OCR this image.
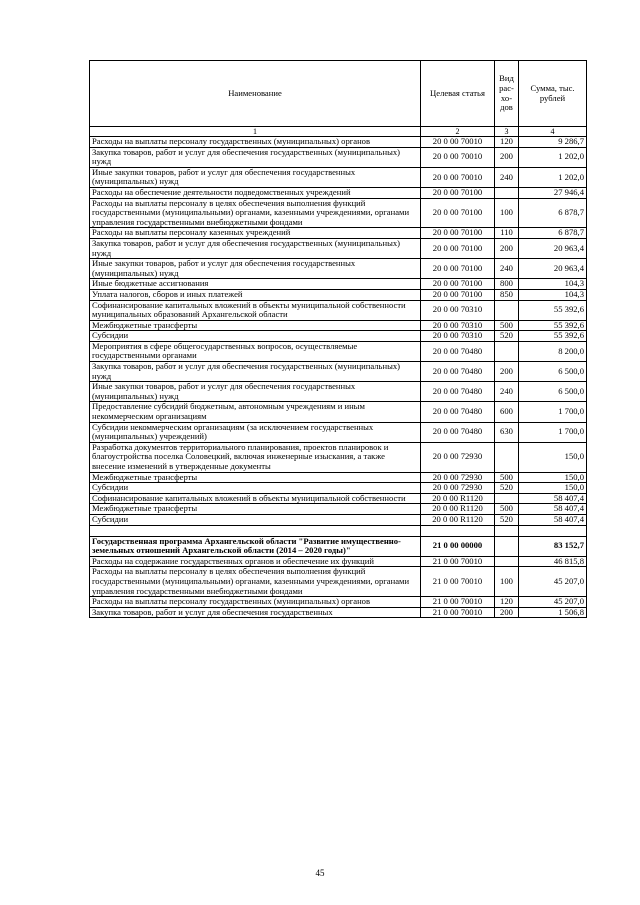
Наименование	Целевая статья	Вид рас-хо-дов	Сумма, тыс. рублей
1	2	3	4
Расходы на выплаты персоналу государственных (муниципальных) органов	20 0 00 70010	120	9 286,7
Закупка товаров, работ и услуг для обеспечения государственных (муниципальных) нужд	20 0 00 70010	200	1 202,0
Иные закупки товаров, работ и услуг для обеспечения государственных (муниципальных) нужд	20 0 00 70010	240	1 202,0
Расходы на обеспечение деятельности подведомственных учреждений	20 0 00 70100		27 946,4
Расходы на выплаты персоналу в целях обеспечения выполнения функций государственными (муниципальными) органами, казенными учреждениями, органами управления государственными внебюджетными фондами	20 0 00 70100	100	6 878,7
Расходы на выплаты персоналу казенных учреждений	20 0 00 70100	110	6 878,7
Закупка товаров, работ и услуг для обеспечения государственных (муниципальных) нужд	20 0 00 70100	200	20 963,4
Иные закупки товаров, работ и услуг для обеспечения государственных (муниципальных) нужд	20 0 00 70100	240	20 963,4
Иные бюджетные ассигнования	20 0 00 70100	800	104,3
Уплата налогов, сборов и иных платежей	20 0 00 70100	850	104,3
Софинансирование капитальных вложений в объекты муниципальной собственности муниципальных образований Архангельской области	20 0 00 70310		55 392,6
Межбюджетные трансферты	20 0 00 70310	500	55 392,6
Субсидии	20 0 00 70310	520	55 392,6
Мероприятия в сфере общегосударственных вопросов, осуществляемые государственными органами	20 0 00 70480		8 200,0
Закупка товаров, работ и услуг для обеспечения государственных (муниципальных) нужд	20 0 00 70480	200	6 500,0
Иные закупки товаров, работ и услуг для обеспечения государственных (муниципальных) нужд	20 0 00 70480	240	6 500,0
Предоставление субсидий бюджетным, автономным учреждениям и иным некоммерческим организациям	20 0 00 70480	600	1 700,0
Субсидии некоммерческим организациям (за исключением государственных (муниципальных) учреждений)	20 0 00 70480	630	1 700,0
Разработка документов территориального планирования, проектов планировок и благоустройства поселка Соловецкий, включая инженерные изыскания, а также внесение изменений в утвержденные документы	20 0 00 72930		150,0
Межбюджетные трансферты	20 0 00 72930	500	150,0
Субсидии	20 0 00 72930	520	150,0
Софинансирование капитальных вложений в объекты муниципальной собственности	20 0 00 R1120		58 407,4
Межбюджетные трансферты	20 0 00 R1120	500	58 407,4
Субсидии	20 0 00 R1120	520	58 407,4

Государственная программа Архангельской области "Развитие имущественно-земельных отношений Архангельской области (2014 – 2020 годы)"	21 0 00 00000		83 152,7
Расходы на содержание государственных органов и обеспечение их функций	21 0 00 70010		46 815,8
Расходы на выплаты персоналу в целях обеспечения выполнения функций государственными (муниципальными) органами, казенными учреждениями, органами управления государственными внебюджетными фондами	21 0 00 70010	100	45 207,0
Расходы на выплаты персоналу государственных (муниципальных) органов	21 0 00 70010	120	45 207,0
Закупка товаров, работ и услуг для обеспечения государственных	21 0 00 70010	200	1 506,8
45
